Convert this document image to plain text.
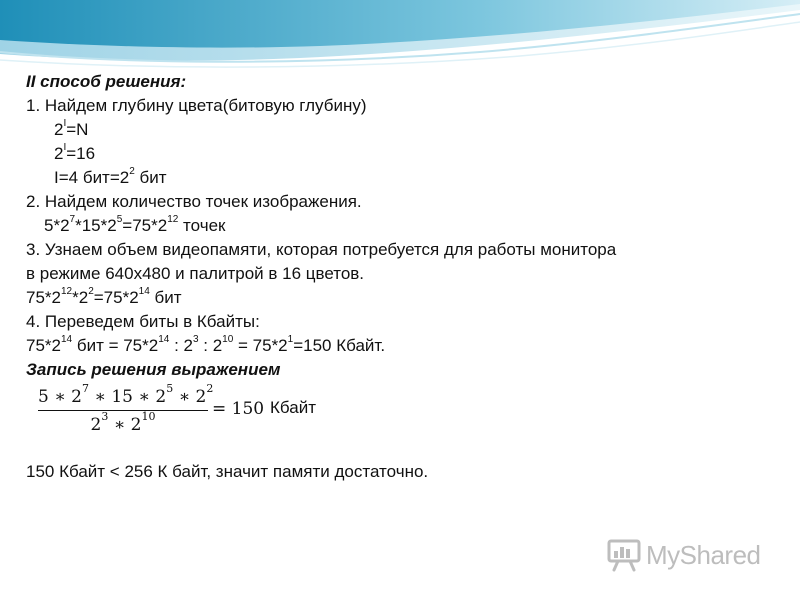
II способ решения:
1. Найдем глубину цвета(битовую глубину)
$2^I=N$
$2^I=16$
I=4 $бит=2^2$ бит
2. Найдем количество точек изображения.
$5*2^7*15*2^5=75*2^{12}$ точек
3. Узнаем объем видеопамяти, которая потребуется для работы монитора
в режиме 640х480 и палитрой в 16 цветов.
$75*2^{12}*2^2=75*2^{14}$ бит
4. Переведем биты в Кбайты:
$75*2^{14}$ бит = $75*2^{14}$ : $2^3$ : $2^{10} = 75*2^1=150$ Кбайт.
Запись решения выражением
5 ∗ $2^7$ ∗ 15 ∗ $2^5$ ∗ $2^2$
$2^3$ ∗ $2^{10}$	= 150 Кбайт
150 Кбайт < 256 К байт, значит памяти достаточно.
MyShared
